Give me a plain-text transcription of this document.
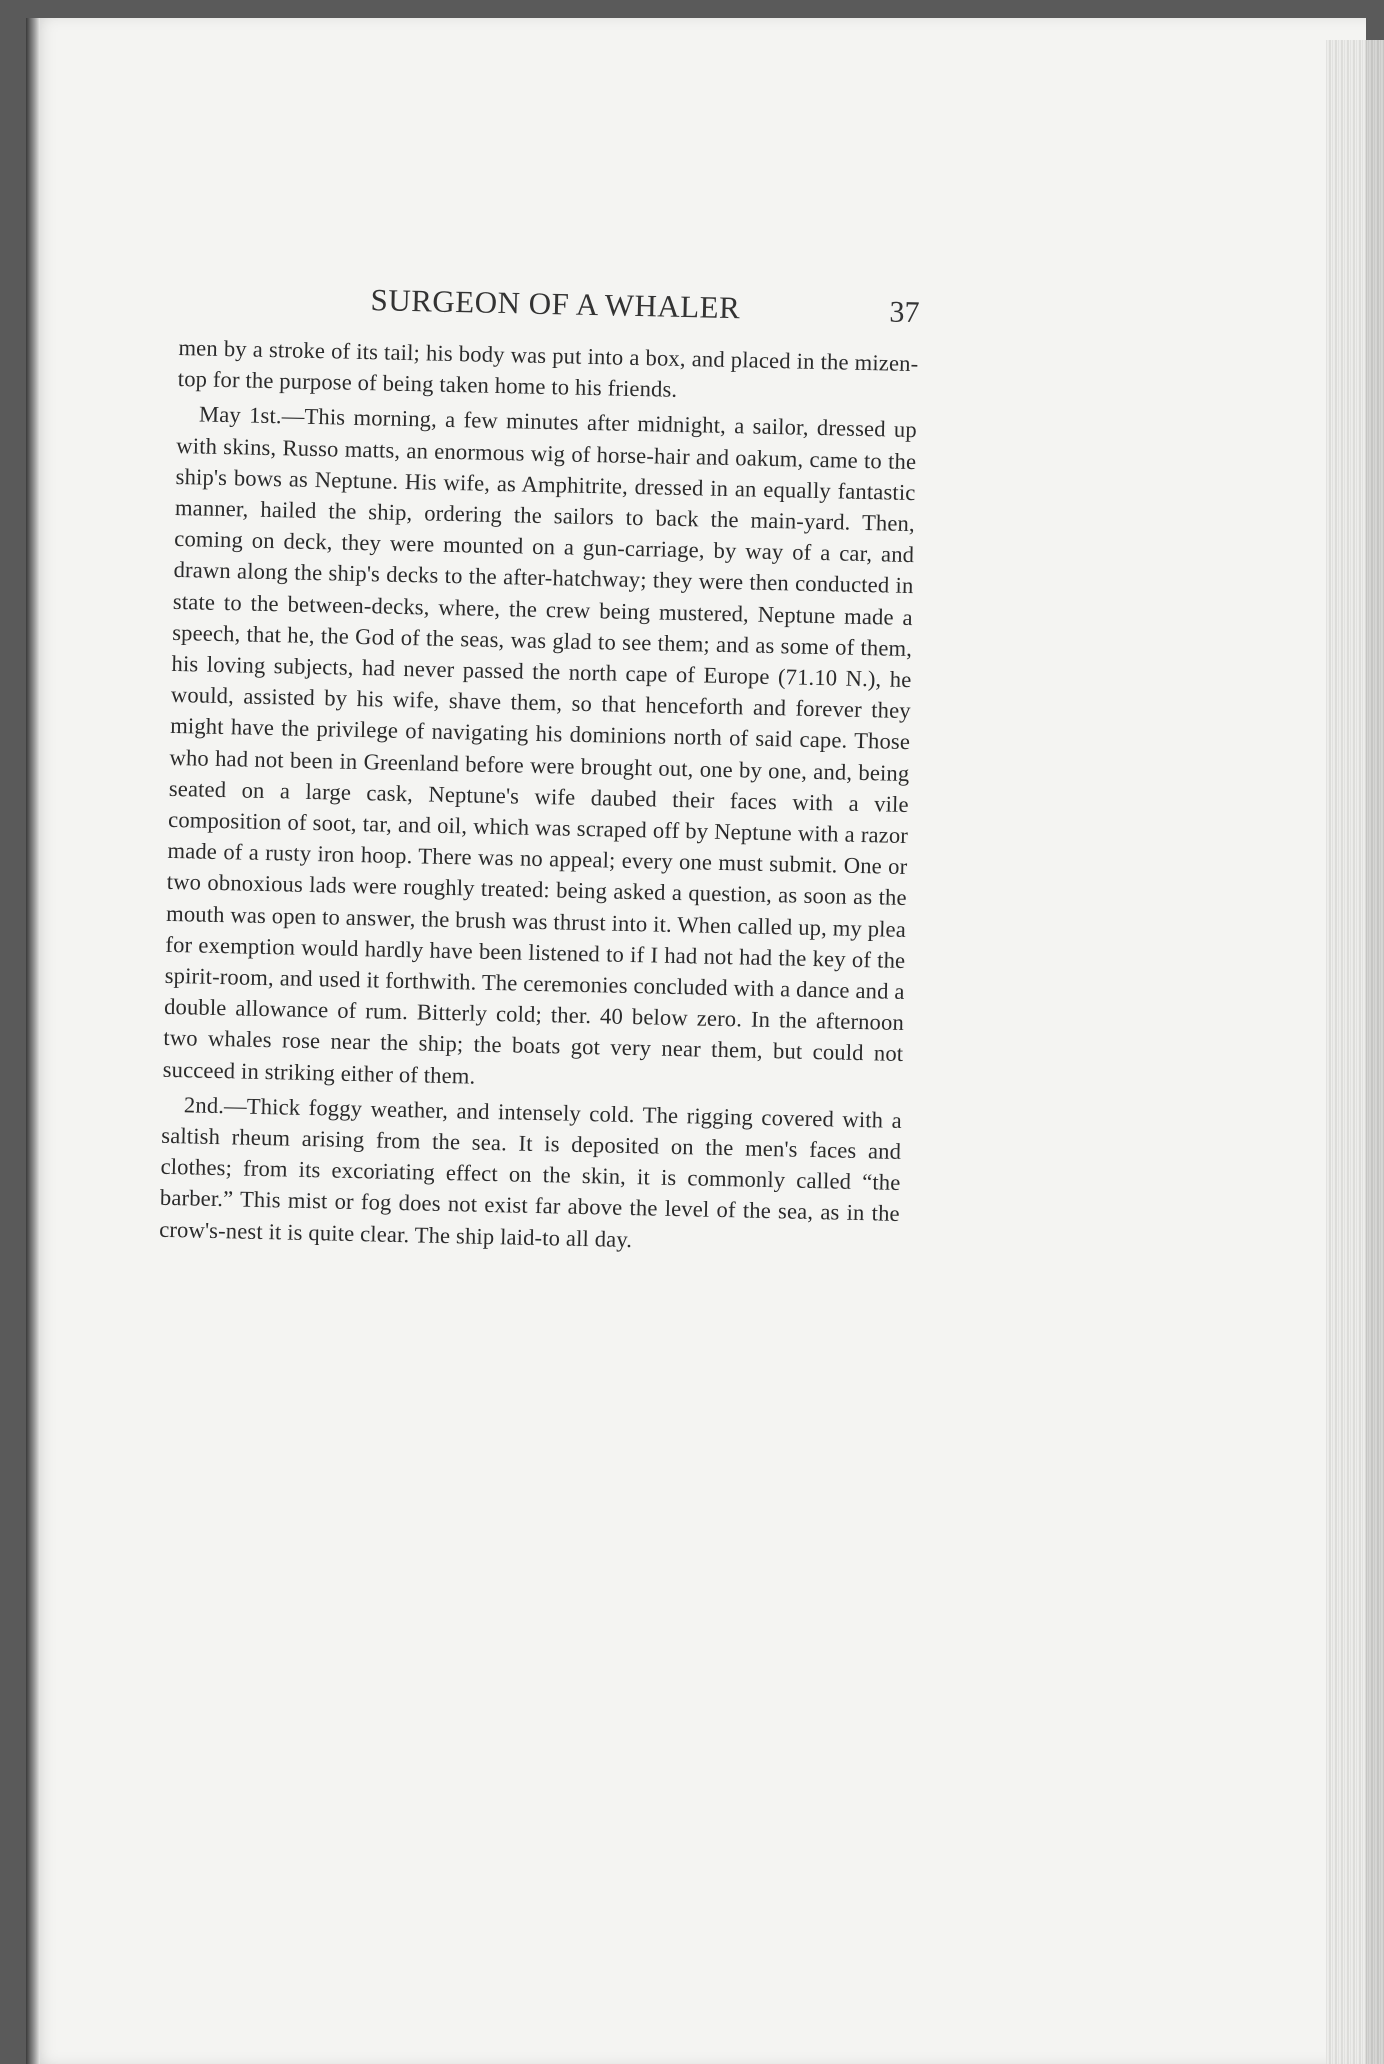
SURGEON OF A WHALER	37

men by a stroke of its tail; his body was put into a box, and placed in the mizen-top for the purpose of being taken home to his friends.

May 1st.—This morning, a few minutes after midnight, a sailor, dressed up with skins, Russo matts, an enormous wig of horse-hair and oakum, came to the ship's bows as Neptune. His wife, as Amphitrite, dressed in an equally fantastic manner, hailed the ship, ordering the sailors to back the main-yard. Then, coming on deck, they were mounted on a gun-carriage, by way of a car, and drawn along the ship's decks to the after-hatchway; they were then conducted in state to the between-decks, where, the crew being mustered, Neptune made a speech, that he, the God of the seas, was glad to see them; and as some of them, his loving subjects, had never passed the north cape of Europe (71.10 N.), he would, assisted by his wife, shave them, so that henceforth and forever they might have the privilege of navigating his dominions north of said cape. Those who had not been in Greenland before were brought out, one by one, and, being seated on a large cask, Neptune's wife daubed their faces with a vile composition of soot, tar, and oil, which was scraped off by Neptune with a razor made of a rusty iron hoop. There was no appeal; every one must submit. One or two obnoxious lads were roughly treated: being asked a question, as soon as the mouth was open to answer, the brush was thrust into it. When called up, my plea for exemption would hardly have been listened to if I had not had the key of the spirit-room, and used it forthwith. The ceremonies concluded with a dance and a double allowance of rum. Bitterly cold; ther. 40 below zero. In the afternoon two whales rose near the ship; the boats got very near them, but could not succeed in striking either of them.

2nd.—Thick foggy weather, and intensely cold. The rigging covered with a saltish rheum arising from the sea. It is deposited on the men's faces and clothes; from its excoriating effect on the skin, it is commonly called “the barber.” This mist or fog does not exist far above the level of the sea, as in the crow's-nest it is quite clear. The ship laid-to all day.
